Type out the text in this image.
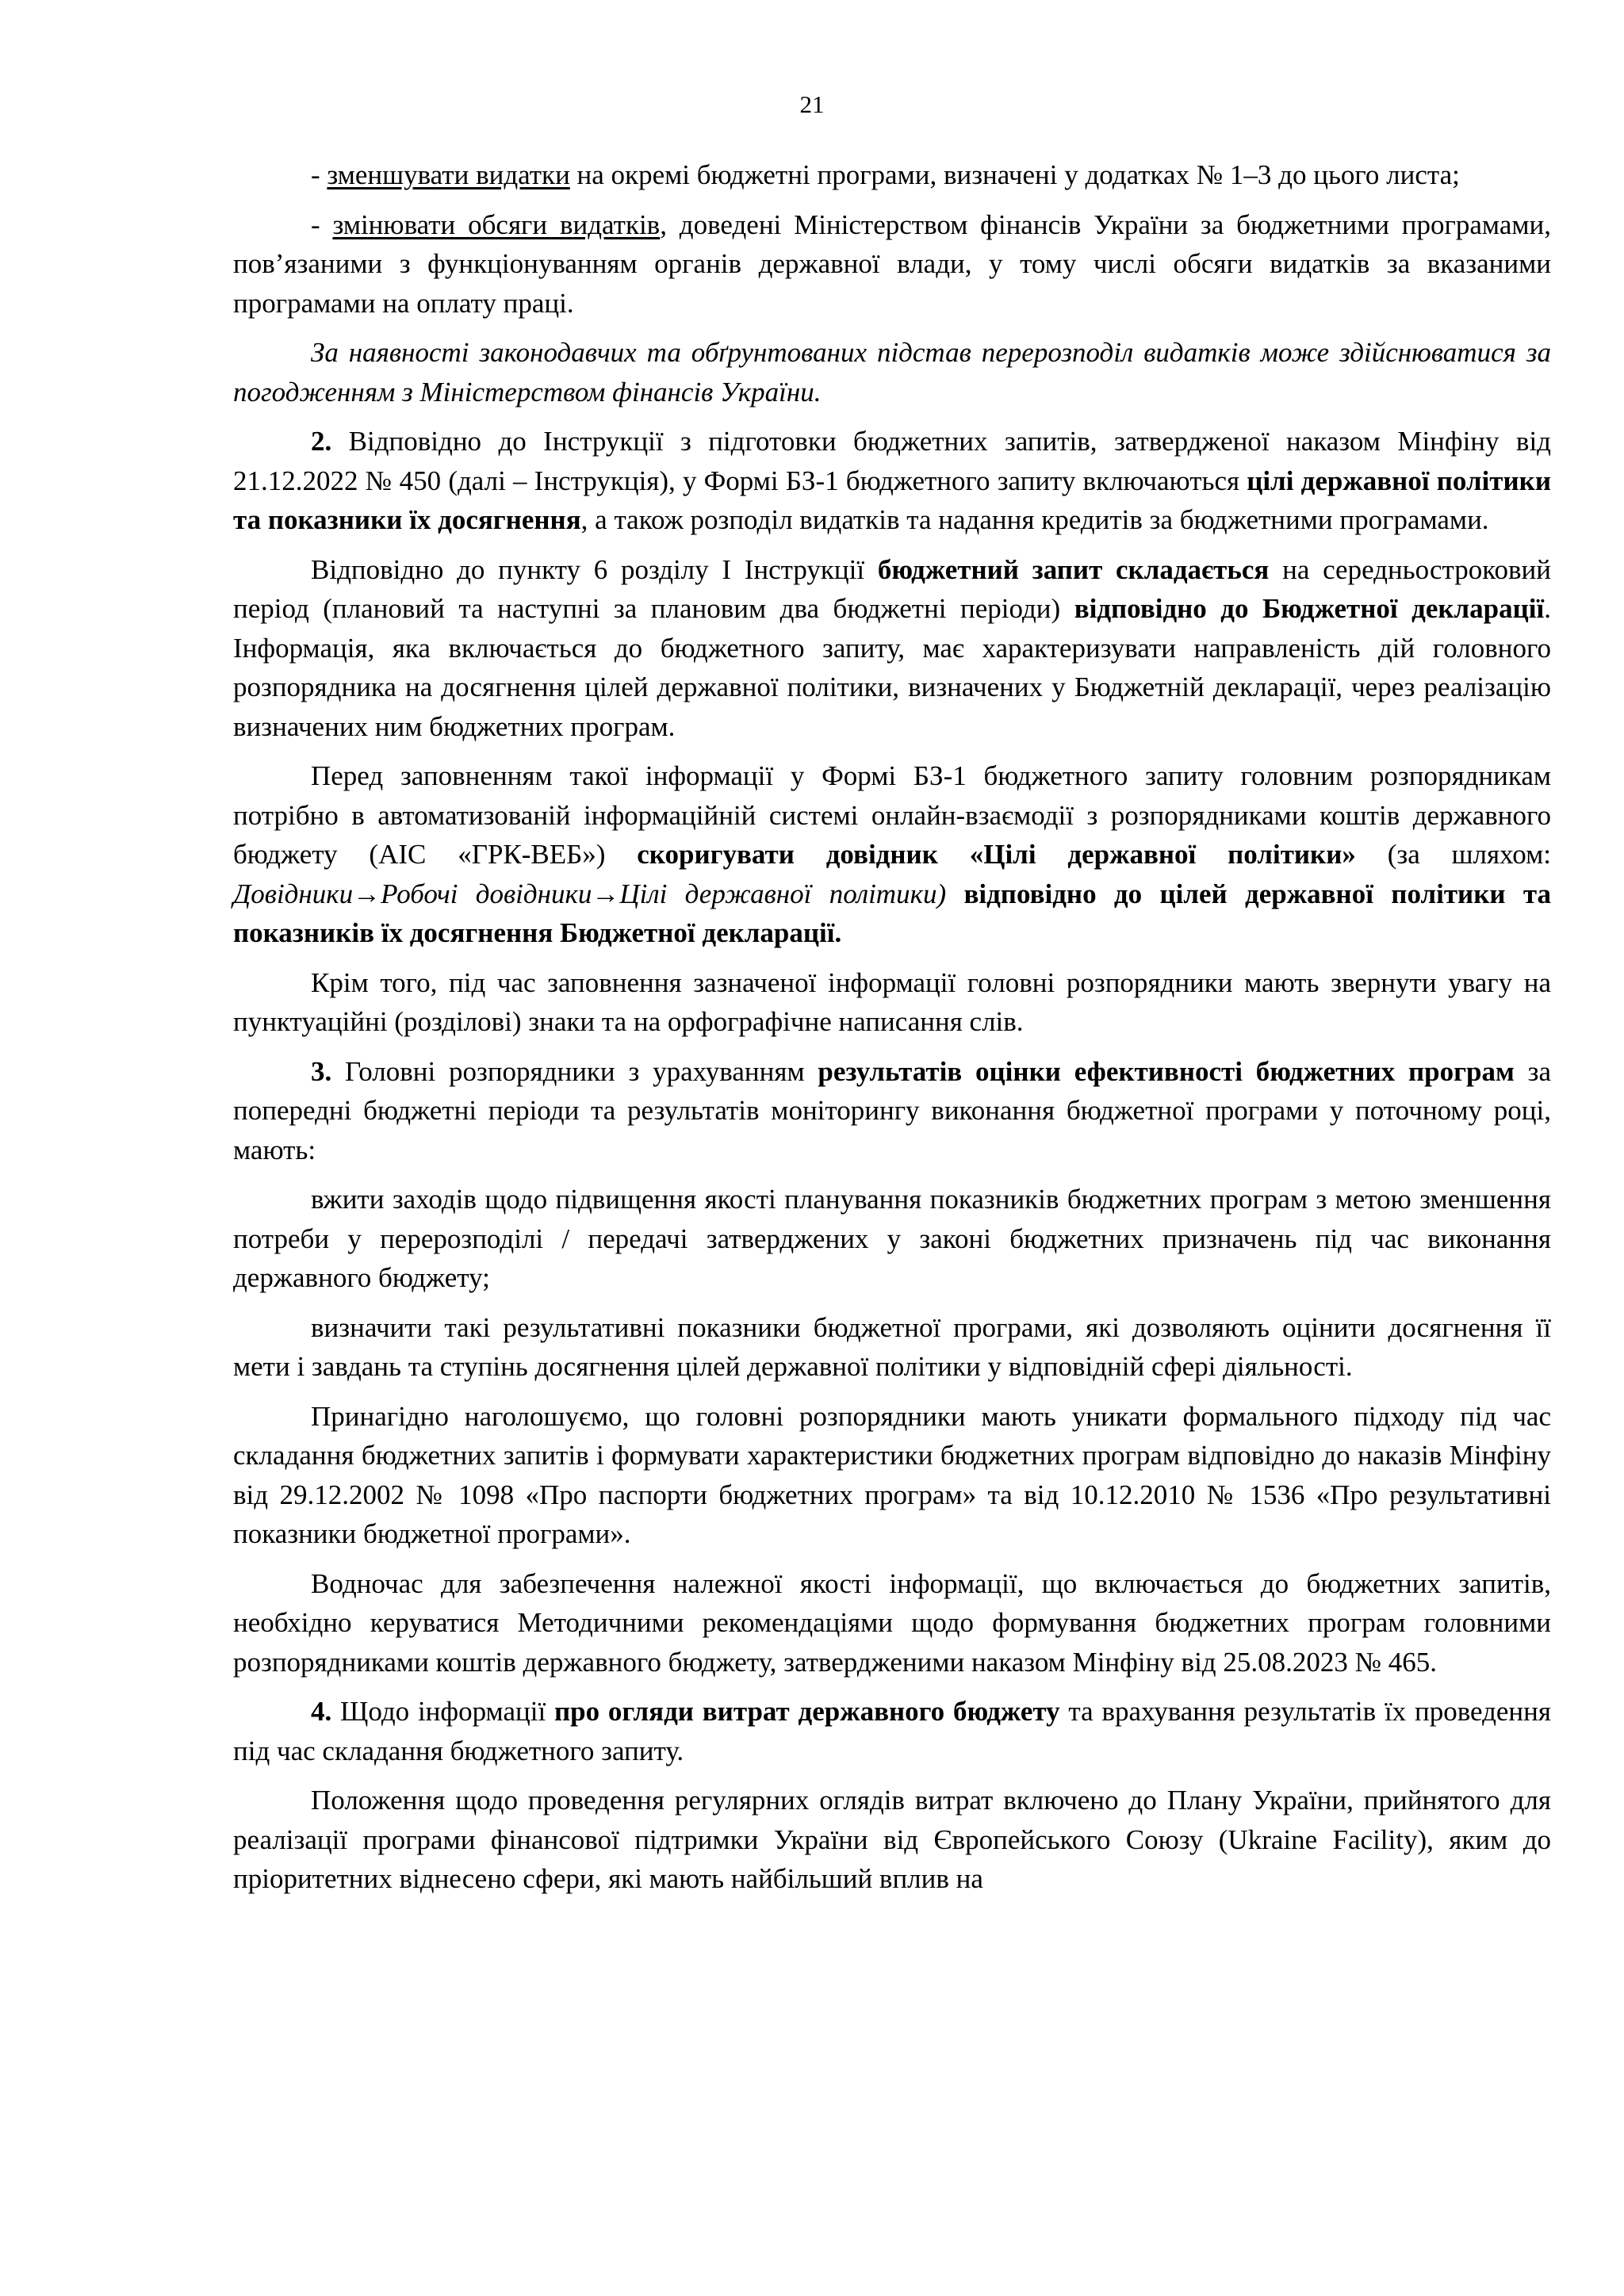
21

- зменшувати видатки на окремі бюджетні програми, визначені у додатках № 1–3 до цього листа;

- змінювати обсяги видатків, доведені Міністерством фінансів України за бюджетними програмами, пов’язаними з функціонуванням органів державної влади, у тому числі обсяги видатків за вказаними програмами на оплату праці.

За наявності законодавчих та обґрунтованих підстав перерозподіл видатків може здійснюватися за погодженням з Міністерством фінансів України.

2. Відповідно до Інструкції з підготовки бюджетних запитів, затвердженої наказом Мінфіну від 21.12.2022 № 450 (далі – Інструкція), у Формі БЗ-1 бюджетного запиту включаються цілі державної політики та показники їх досягнення, а також розподіл видатків та надання кредитів за бюджетними програмами.

Відповідно до пункту 6 розділу І Інструкції бюджетний запит складається на середньостроковий період (плановий та наступні за плановим два бюджетні періоди) відповідно до Бюджетної декларації. Інформація, яка включається до бюджетного запиту, має характеризувати направленість дій головного розпорядника на досягнення цілей державної політики, визначених у Бюджетній декларації, через реалізацію визначених ним бюджетних програм.

Перед заповненням такої інформації у Формі БЗ-1 бюджетного запиту головним розпорядникам потрібно в автоматизованій інформаційній системі онлайн-взаємодії з розпорядниками коштів державного бюджету (АІС «ГРК-ВЕБ») скоригувати довідник «Цілі державної політики» (за шляхом: Довідники→Робочі довідники→Цілі державної політики) відповідно до цілей державної політики та показників їх досягнення Бюджетної декларації.

Крім того, під час заповнення зазначеної інформації головні розпорядники мають звернути увагу на пунктуаційні (розділові) знаки та на орфографічне написання слів.

3. Головні розпорядники з урахуванням результатів оцінки ефективності бюджетних програм за попередні бюджетні періоди та результатів моніторингу виконання бюджетної програми у поточному році, мають:

вжити заходів щодо підвищення якості планування показників бюджетних програм з метою зменшення потреби у перерозподілі / передачі затверджених у законі бюджетних призначень під час виконання державного бюджету;

визначити такі результативні показники бюджетної програми, які дозволяють оцінити досягнення її мети і завдань та ступінь досягнення цілей державної політики у відповідній сфері діяльності.

Принагідно наголошуємо, що головні розпорядники мають уникати формального підходу під час складання бюджетних запитів і формувати характеристики бюджетних програм відповідно до наказів Мінфіну від 29.12.2002 № 1098 «Про паспорти бюджетних програм» та від 10.12.2010 № 1536 «Про результативні показники бюджетної програми».

Водночас для забезпечення належної якості інформації, що включається до бюджетних запитів, необхідно керуватися Методичними рекомендаціями щодо формування бюджетних програм головними розпорядниками коштів державного бюджету, затвердженими наказом Мінфіну від 25.08.2023 № 465.

4. Щодо інформації про огляди витрат державного бюджету та врахування результатів їх проведення під час складання бюджетного запиту.

Положення щодо проведення регулярних оглядів витрат включено до Плану України, прийнятого для реалізації програми фінансової підтримки України від Європейського Союзу (Ukraine Facility), яким до пріоритетних віднесено сфери, які мають найбільший вплив на
